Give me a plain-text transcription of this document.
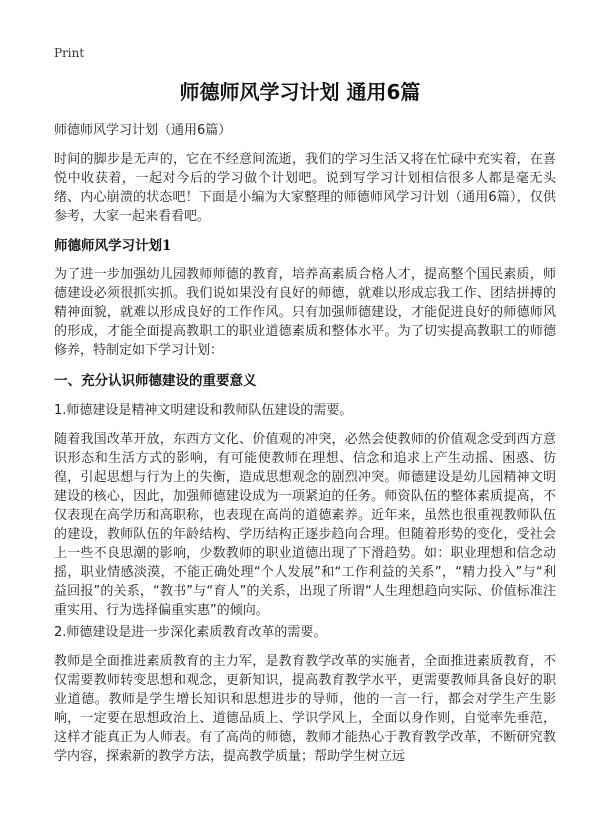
Print
师德师风学习计划 通用6篇
师德师风学习计划（通用6篇）
时间的脚步是无声的，它在不经意间流逝，我们的学习生活又将在忙碌中充实着，在喜悦中收获着，一起对今后的学习做个计划吧。说到写学习计划相信很多人都是毫无头绪、内心崩溃的状态吧！下面是小编为大家整理的师德师风学习计划（通用6篇），仅供参考，大家一起来看看吧。
师德师风学习计划1
为了进一步加强幼儿园教师师德的教育，培养高素质合格人才，提高整个国民素质，师德建设必须很抓实抓。我们说如果没有良好的师德，就难以形成忘我工作、团结拼搏的精神面貌，就难以形成良好的工作作风。只有加强师德建设，才能促进良好的师德师风的形成，才能全面提高教职工的职业道德素质和整体水平。为了切实提高教职工的师德修养，特制定如下学习计划：
一、充分认识师德建设的重要意义
1.师德建设是精神文明建设和教师队伍建设的需要。
随着我国改革开放，东西方文化、价值观的冲突，必然会使教师的价值观念受到西方意识形态和生活方式的影响，有可能使教师在理想、信念和追求上产生动摇、困惑、彷徨，引起思想与行为上的失衡，造成思想观念的剧烈冲突。师德建设是幼儿园精神文明建设的核心，因此，加强师德建设成为一项紧迫的任务。师资队伍的整体素质提高，不仅表现在高学历和高职称，也表现在高尚的道德素养。近年来，虽然也很重视教师队伍的建设，教师队伍的年龄结构、学历结构正逐步趋向合理。但随着形势的变化，受社会上一些不良思潮的影响，少数教师的职业道德出现了下滑趋势。如：职业理想和信念动摇，职业情感淡漠，不能正确处理“个人发展”和“工作利益的关系”，“精力投入”与“利益回报”的关系，“教书”与“育人”的关系，出现了所谓“人生理想趋向实际、价值标准注重实用、行为选择偏重实惠”的倾向。
2.师德建设是进一步深化素质教育改革的需要。
教师是全面推进素质教育的主力军，是教育教学改革的实施者，全面推进素质教育，不仅需要教师转变思想和观念，更新知识，提高教育教学水平，更需要教师具备良好的职业道德。教师是学生增长知识和思想进步的导师，他的一言一行，都会对学生产生影响，一定要在思想政治上、道德品质上、学识学风上，全面以身作则，自觉率先垂范，这样才能真正为人师表。有了高尚的师德，教师才能热心于教育教学改革，不断研究教学内容，探索新的教学方法，提高教学质量；帮助学生树立远
